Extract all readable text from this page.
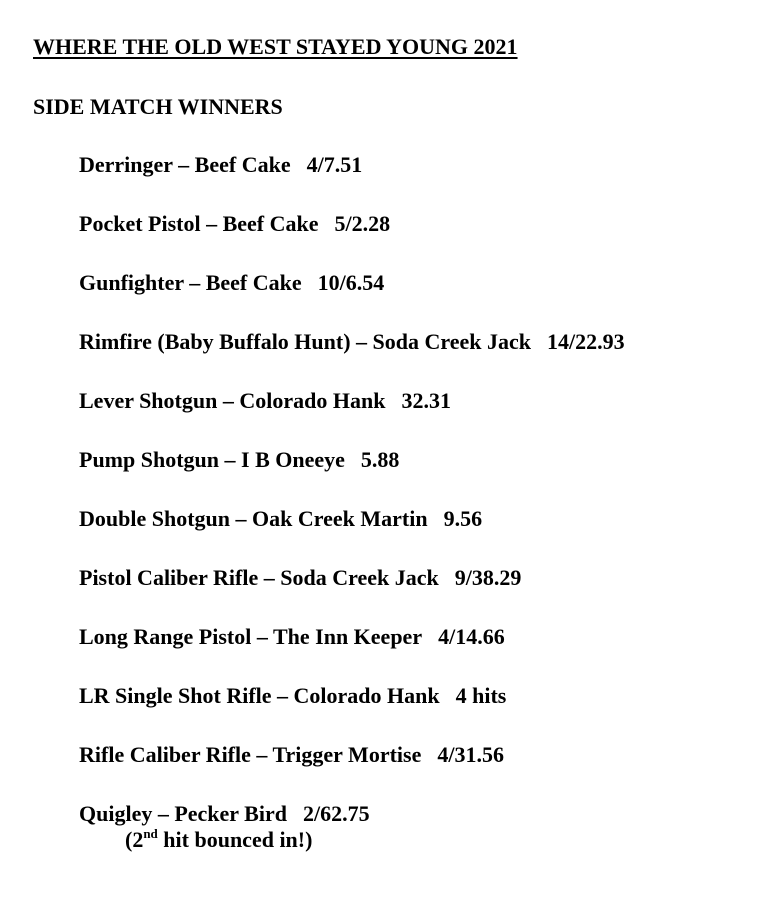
WHERE THE OLD WEST STAYED YOUNG 2021
SIDE MATCH WINNERS
Derringer – Beef Cake 4/7.51
Pocket Pistol – Beef Cake 5/2.28
Gunfighter – Beef Cake 10/6.54
Rimfire (Baby Buffalo Hunt) – Soda Creek Jack 14/22.93
Lever Shotgun – Colorado Hank 32.31
Pump Shotgun – I B Oneeye 5.88
Double Shotgun – Oak Creek Martin 9.56
Pistol Caliber Rifle – Soda Creek Jack 9/38.29
Long Range Pistol – The Inn Keeper 4/14.66
LR Single Shot Rifle – Colorado Hank 4 hits
Rifle Caliber Rifle – Trigger Mortise 4/31.56
Quigley – Pecker Bird 2/62.75
(2nd hit bounced in!)
